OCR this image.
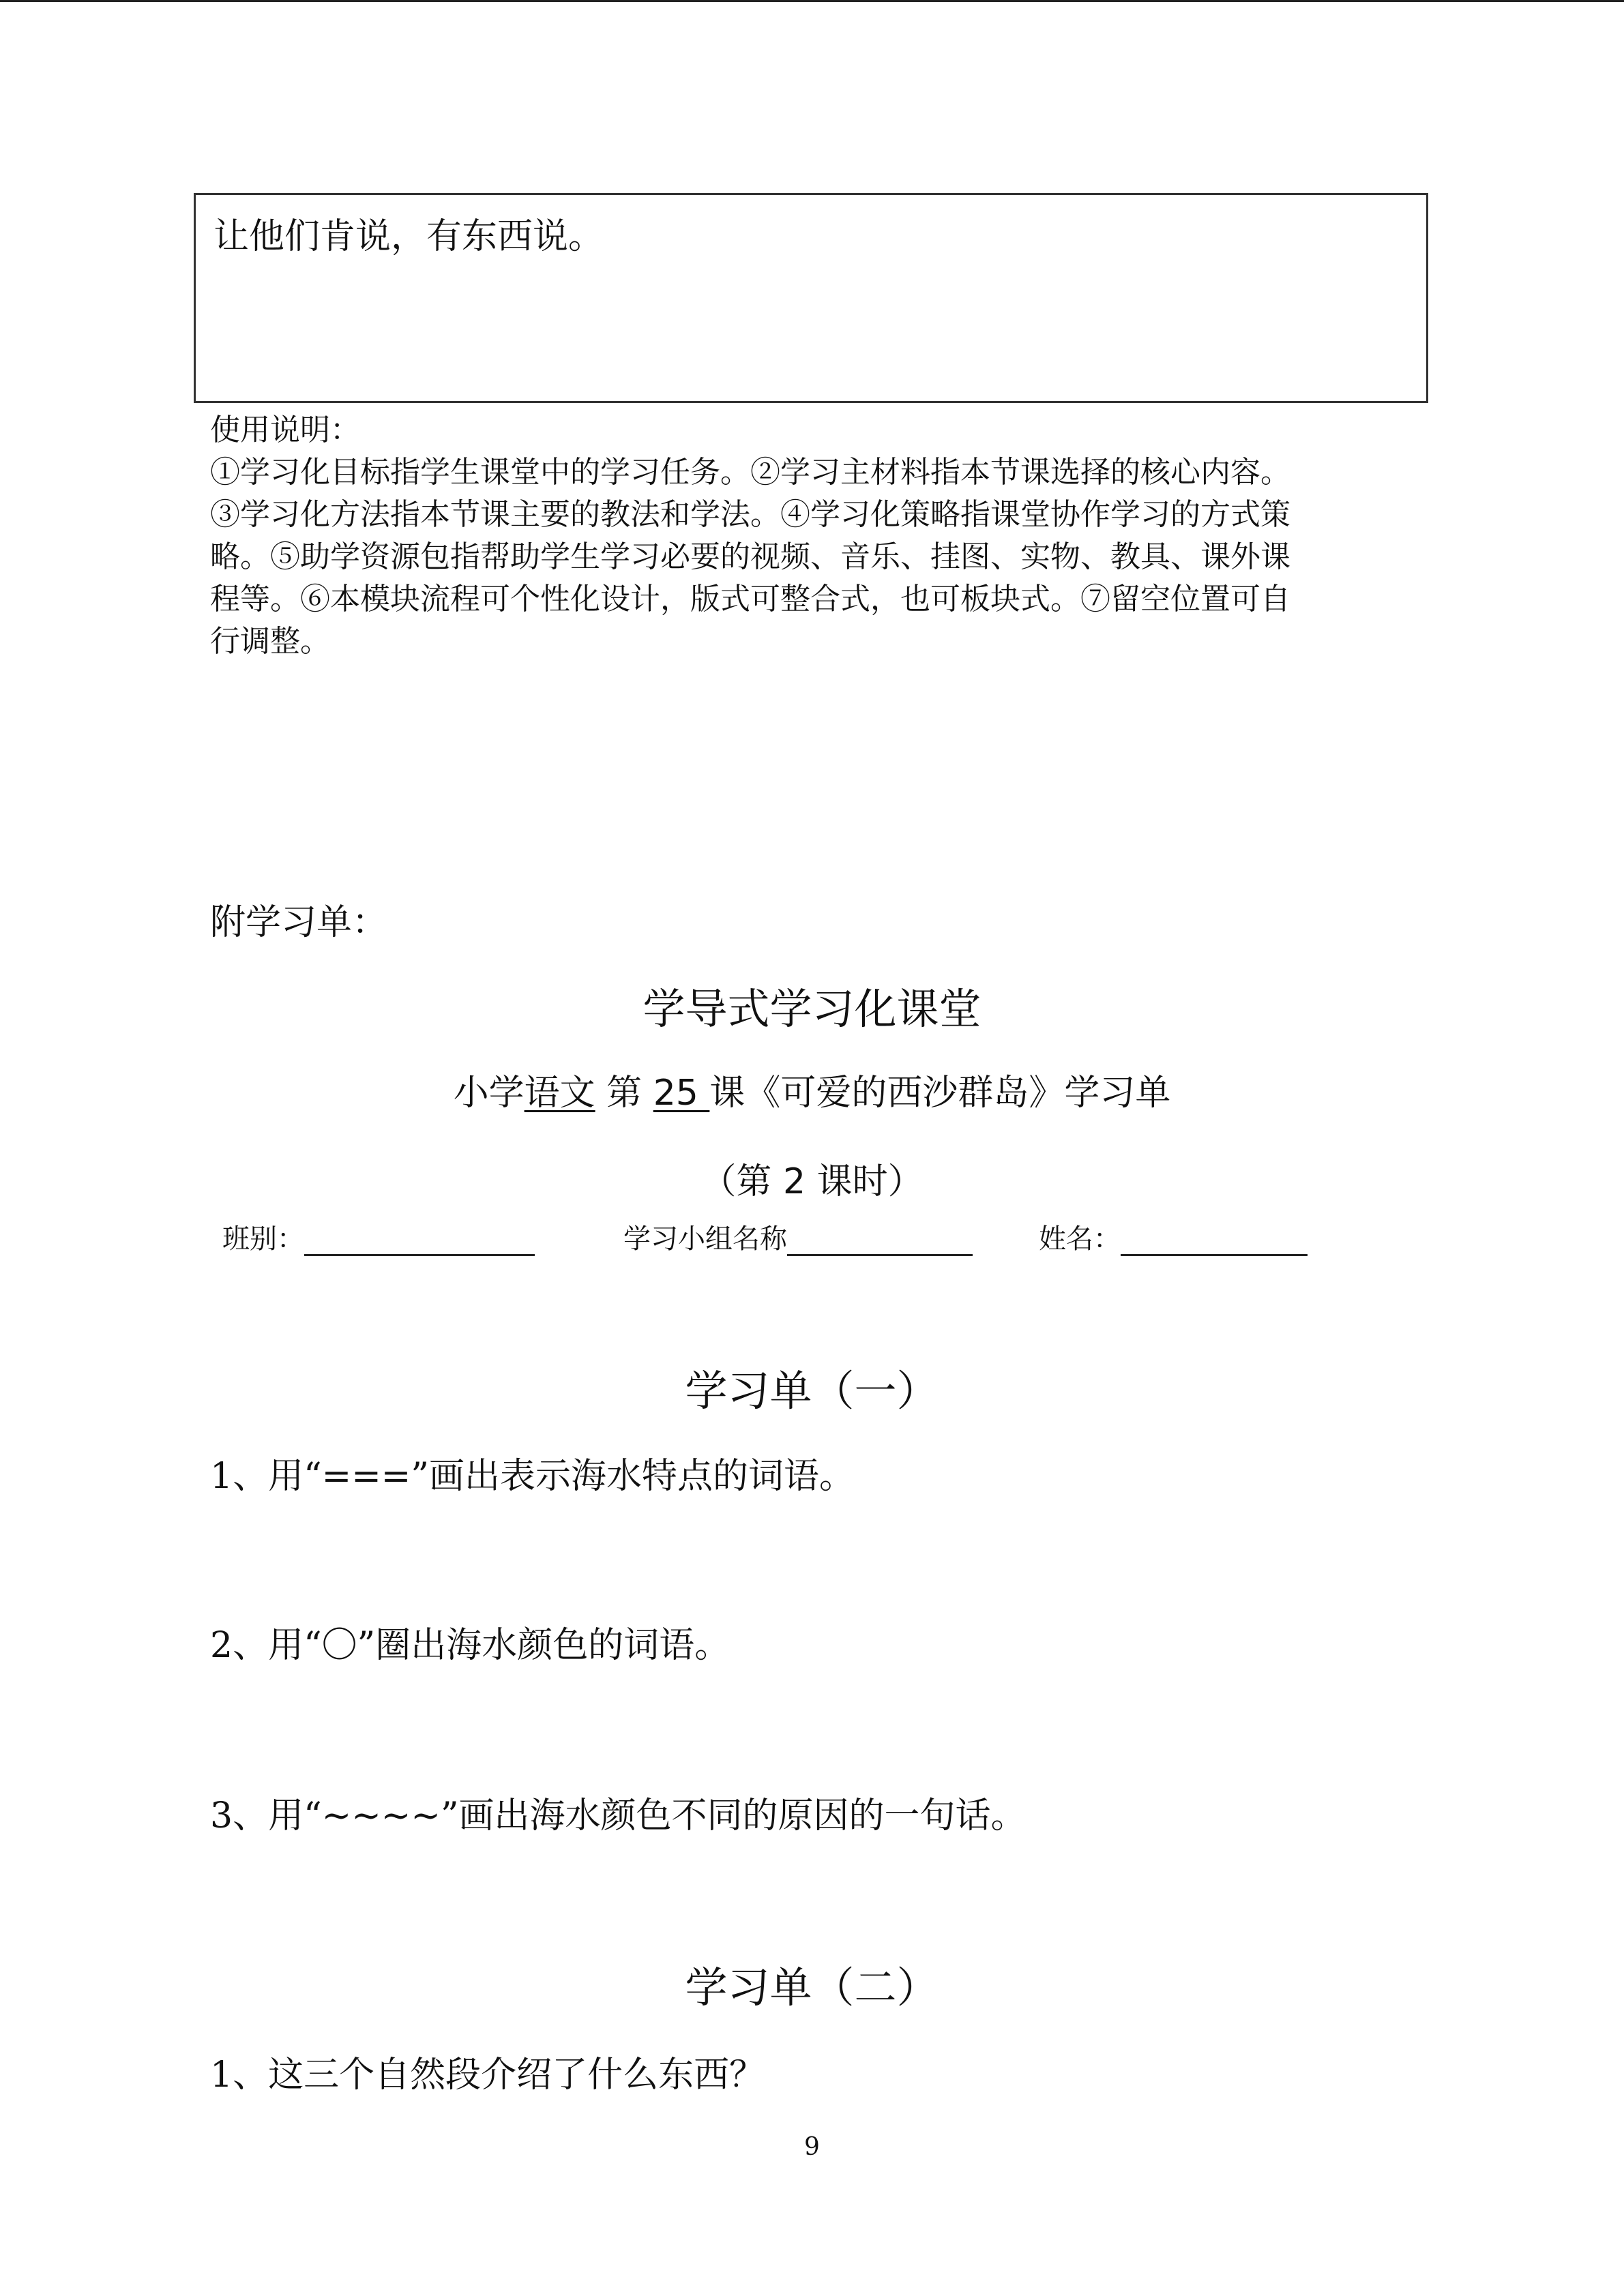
让他们肯说，有东西说。

使用说明：

①学习化目标指学生课堂中的学习任务。②学习主材料指本节课选择的核心内容。

③学习化方法指本节课主要的教法和学法。④学习化策略指课堂协作学习的方式策

略。⑤助学资源包指帮助学生学习必要的视频、音乐、挂图、实物、教具、课外课

程等。⑥本模块流程可个性化设计，版式可整合式，也可板块式。⑦留空位置可自

行调整。

附学习单：
学导式学习化课堂
小学语文 第 25 课《可爱的西沙群岛》学习单
（第 2 课时）
班别：	学习小组名称	姓名：
学习单（一）
1、用“===”画出表示海水特点的词语。
2、用“〇”圈出海水颜色的词语。
3、用“~~~~”画出海水颜色不同的原因的一句话。
学习单（二）
1、这三个自然段介绍了什么东西？
9
